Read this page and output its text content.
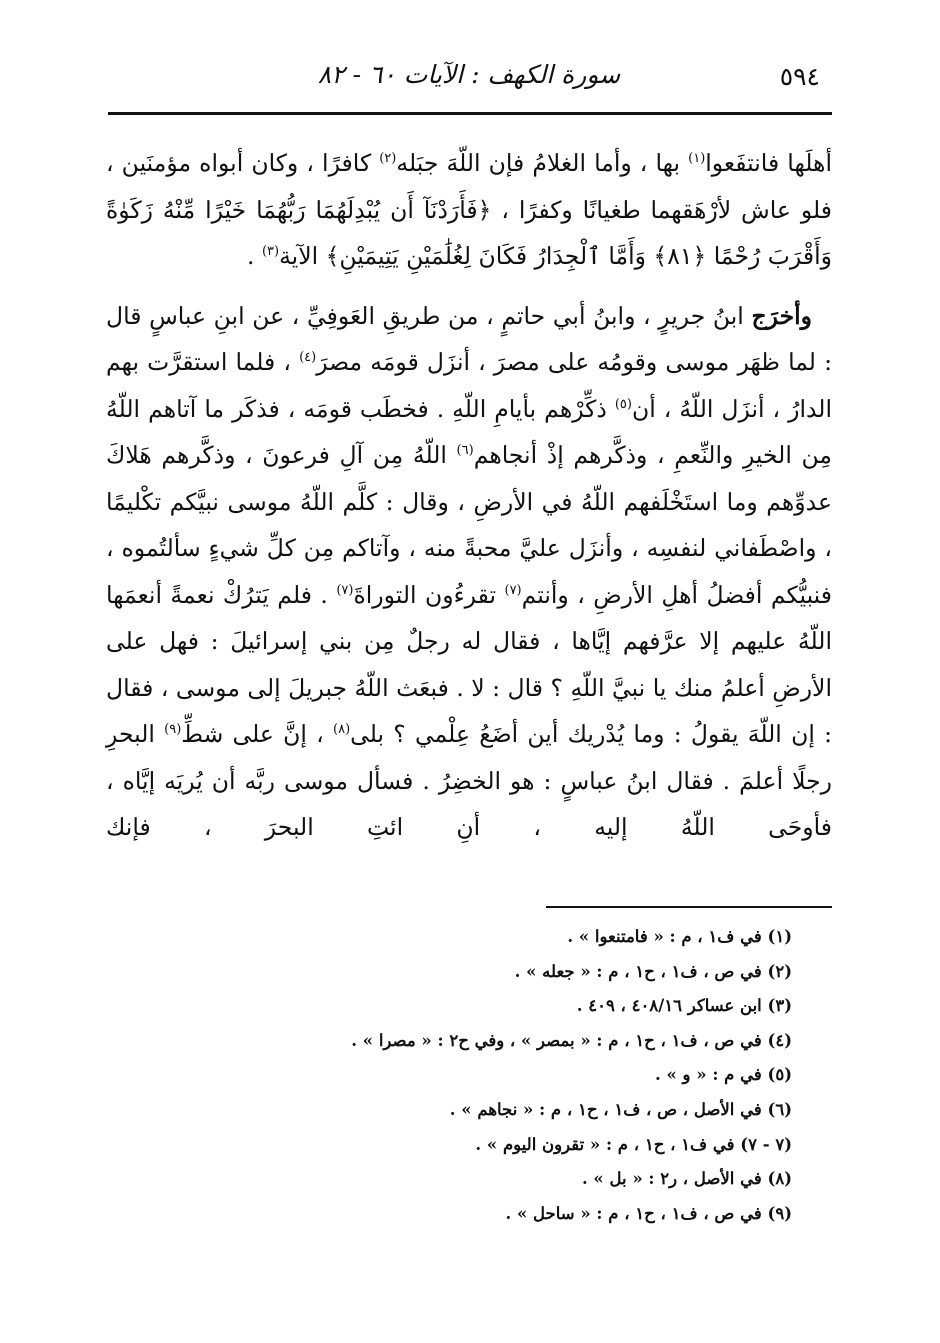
٥٩٤
سورة الكهف : الآيات ٦٠ - ٨٢

أهلَها فانتفَعوا$^{(١)}$ بها ، وأما الغلامُ فإن اللّهَ جبَله$^{(٢)}$ كافرًا ، وكان أبواه مؤمنَين ، فلو عاش لأرْهَقهما طغيانًا وكفرًا ، ﴿فَأَرَدْنَآ أَن يُبْدِلَهُمَا رَبُّهُمَا خَيْرًا مِّنْهُ زَكَوٰةً وَأَقْرَبَ رُحْمًا ﴿٨١﴾ وَأَمَّا ٱلْجِدَارُ فَكَانَ لِغُلَٰمَيْنِ يَتِيمَيْنِ﴾ الآية$^{(٣)}$ .

وأخرَج ابنُ جريرٍ ، وابنُ أبي حاتمٍ ، من طريقِ العَوفِيِّ ، عن ابنِ عباسٍ قال : لما ظهَر موسى وقومُه على مصرَ ، أنزَل قومَه مصرَ$^{(٤)}$ ، فلما استقرَّت بهم الدارُ ، أنزَل اللّهُ ، أن$^{(٥)}$ ذكِّرْهم بأيامِ اللّهِ . فخطَب قومَه ، فذكَر ما آتاهم اللّهُ مِن الخيرِ والنِّعمِ ، وذكَّرهم إذْ أنجاهم$^{(٦)}$ اللّهُ مِن آلِ فرعونَ ، وذكَّرهم هَلاكَ عدوِّهم وما استَخْلَفهم اللّهُ في الأرضِ ، وقال : كلَّم اللّهُ موسى نبيَّكم تكْليمًا ، واصْطَفاني لنفسِه ، وأنزَل عليَّ محبةً منه ، وآتاكم مِن كلِّ شيءٍ سألتُموه ، فنبيُّكم أفضلُ أهلِ الأرضِ ، وأنتم$^{(٧)}$ تقرءُون التوراةَ$^{(٧)}$ . فلم يَترُكْ نعمةً أنعمَها اللّهُ عليهم إلا عرَّفهم إيَّاها ، فقال له رجلٌ مِن بني إسرائيلَ : فهل على الأرضِ أعلمُ منك يا نبيَّ اللّهِ ؟ قال : لا . فبعَث اللّهُ جبريلَ إلى موسى ، فقال : إن اللّهَ يقولُ : وما يُدْريك أين أضَعُ عِلْمي ؟ بلى$^{(٨)}$ ، إنَّ على شطِّ$^{(٩)}$ البحرِ رجلًا أعلمَ . فقال ابنُ عباسٍ : هو الخضِرُ . فسأل موسى ربَّه أن يُريَه إيَّاه ، فأوحَى اللّهُ إليه ، أنِ ائتِ البحرَ ، فإنك

(١) في ف١ ، م : « فامتنعوا » .
(٢) في ص ، ف١ ، ح١ ، م : « جعله » .
(٣) ابن عساكر ٤٠٨/١٦ ، ٤٠٩ .
(٤) في ص ، ف١ ، ح١ ، م : « بمصر » ، وفي ح٢ : « مصرا » .
(٥) في م : « و » .
(٦) في الأصل ، ص ، ف١ ، ح١ ، م : « نجاهم » .
(٧ - ٧) في ف١ ، ح١ ، م : « تقرون اليوم » .
(٨) في الأصل ، ر٢ : « بل » .
(٩) في ص ، ف١ ، ح١ ، م : « ساحل » .
